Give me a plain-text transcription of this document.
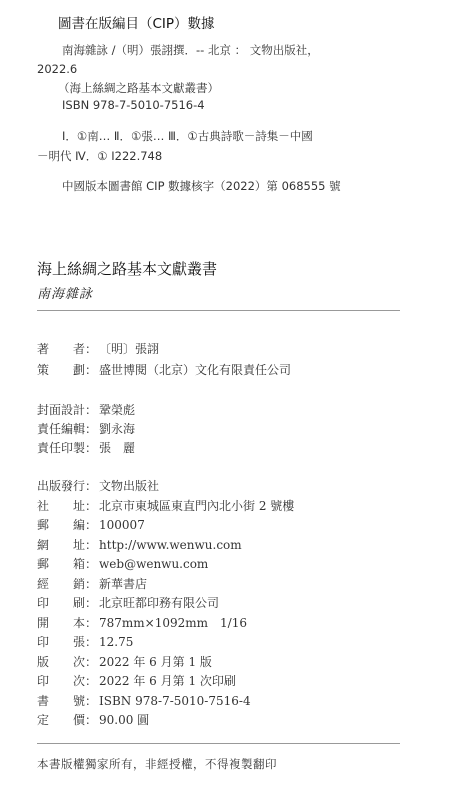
圖書在版編目（CIP）數據
南海雜詠 /（明）張詡撰．-- 北京 ： 文物出版社，
2022.6
（海上絲綢之路基本文獻叢書）
ISBN 978-7-5010-7516-4
Ⅰ．①南… Ⅱ．①張… Ⅲ．①古典詩歌－詩集－中國
－明代 Ⅳ．① I222.748
中國版本圖書館 CIP 數據核字（2022）第 068555 號
海上絲綢之路基本文獻叢書
南海雜詠
著　　者： 〔明〕張詡
策　　劃： 盛世博閱（北京）文化有限責任公司
封面設計： 鞏榮彪
責任編輯： 劉永海
責任印製： 張　麗
出版發行： 文物出版社
社　　址： 北京市東城區東直門內北小街 2 號樓
郵　　編： 100007
網　　址： http://www.wenwu.com
郵　　箱： web@wenwu.com
經　　銷： 新華書店
印　　刷： 北京旺都印務有限公司
開　　本： 787mm×1092mm　1/16
印　　張： 12.75
版　　次： 2022 年 6 月第 1 版
印　　次： 2022 年 6 月第 1 次印刷
書　　號： ISBN 978-7-5010-7516-4
定　　價： 90.00 圓
本書版權獨家所有，非經授權，不得複製翻印
